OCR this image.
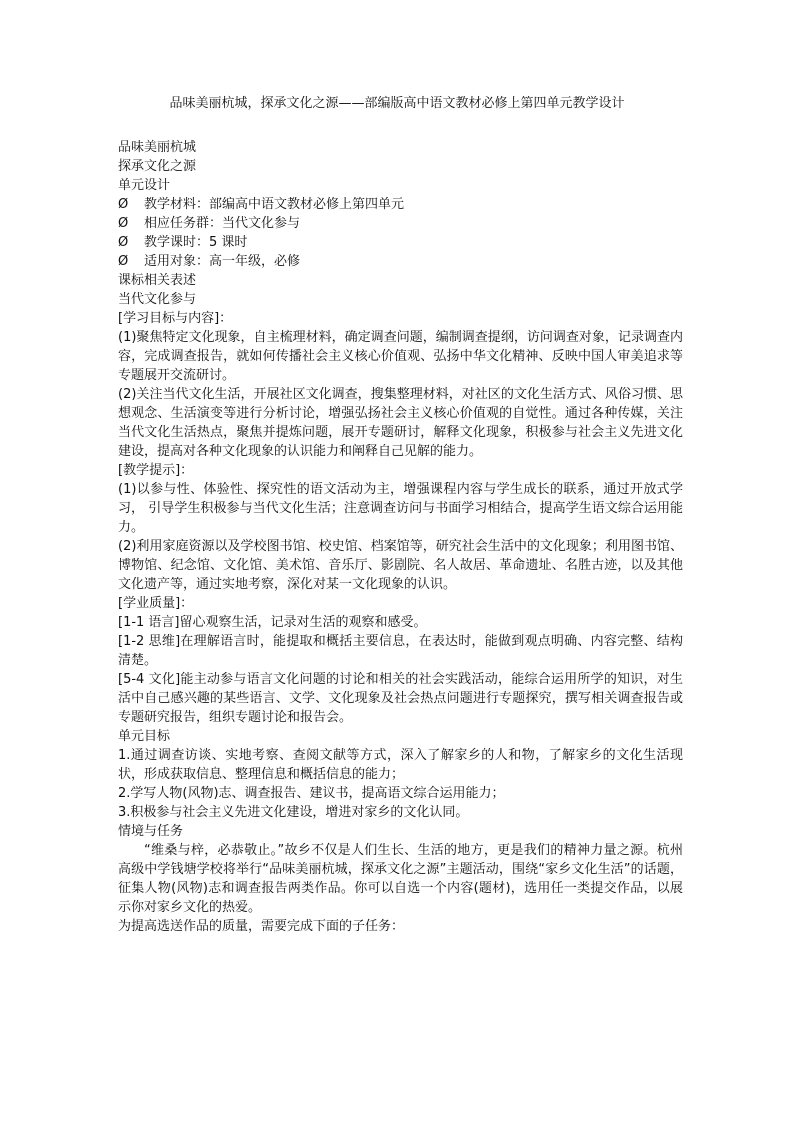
品味美丽杭城，探承文化之源——部编版高中语文教材必修上第四单元教学设计

品味美丽杭城

探承文化之源

单元设计

Ø 教学材料：部编高中语文教材必修上第四单元

Ø 相应任务群：当代文化参与

Ø 教学课时：5 课时

Ø 适用对象：高一年级，必修

课标相关表述

当代文化参与

[学习目标与内容]：

(1)聚焦特定文化现象，自主梳理材料，确定调查问题，编制调查提纲，访问调查对象，记录调查内容，完成调查报告，就如何传播社会主义核心价值观、弘扬中华文化精神、反映中国人审美追求等专题展开交流研讨。

(2)关注当代文化生活，开展社区文化调查，搜集整理材料，对社区的文化生活方式、风俗习惯、思想观念、生活演变等进行分析讨论，增强弘扬社会主义核心价值观的自觉性。通过各种传媒，关注当代文化生活热点，聚焦并提炼问题，展开专题研讨，解释文化现象，积极参与社会主义先进文化建设，提高对各种文化现象的认识能力和阐释自己见解的能力。

[教学提示]：

(1)以参与性、体验性、探究性的语文活动为主，增强课程内容与学生成长的联系，通过开放式学习， 引导学生积极参与当代文化生活；注意调查访问与书面学习相结合，提高学生语文综合运用能力。

(2)利用家庭资源以及学校图书馆、校史馆、档案馆等，研究社会生活中的文化现象；利用图书馆、博物馆、纪念馆、文化馆、美术馆、音乐厅、影剧院、名人故居、革命遗址、名胜古迹，以及其他文化遗产等，通过实地考察，深化对某一文化现象的认识。

[学业质量]：

[1-1 语言]留心观察生活，记录对生活的观察和感受。

[1-2 思维]在理解语言时，能提取和概括主要信息，在表达时，能做到观点明确、内容完整、结构清楚。

[5-4 文化]能主动参与语言文化问题的讨论和相关的社会实践活动，能综合运用所学的知识，对生活中自己感兴趣的某些语言、文学、文化现象及社会热点问题进行专题探究，撰写相关调查报告或专题研究报告，组织专题讨论和报告会。

单元目标

1.通过调查访谈、实地考察、查阅文献等方式，深入了解家乡的人和物，了解家乡的文化生活现状，形成获取信息、整理信息和概括信息的能力；

2.学写人物(风物)志、调查报告、建议书，提高语文综合运用能力；

3.积极参与社会主义先进文化建设，增进对家乡的文化认同。

情境与任务

“维桑与梓，必恭敬止。”故乡不仅是人们生长、生活的地方，更是我们的精神力量之源。杭州高级中学钱塘学校将举行“品味美丽杭城，探承文化之源”主题活动，围绕“家乡文化生活”的话题，征集人物(风物)志和调查报告两类作品。你可以自选一个内容(题材)，选用任一类提交作品，以展示你对家乡文化的热爱。

为提高选送作品的质量，需要完成下面的子任务：
